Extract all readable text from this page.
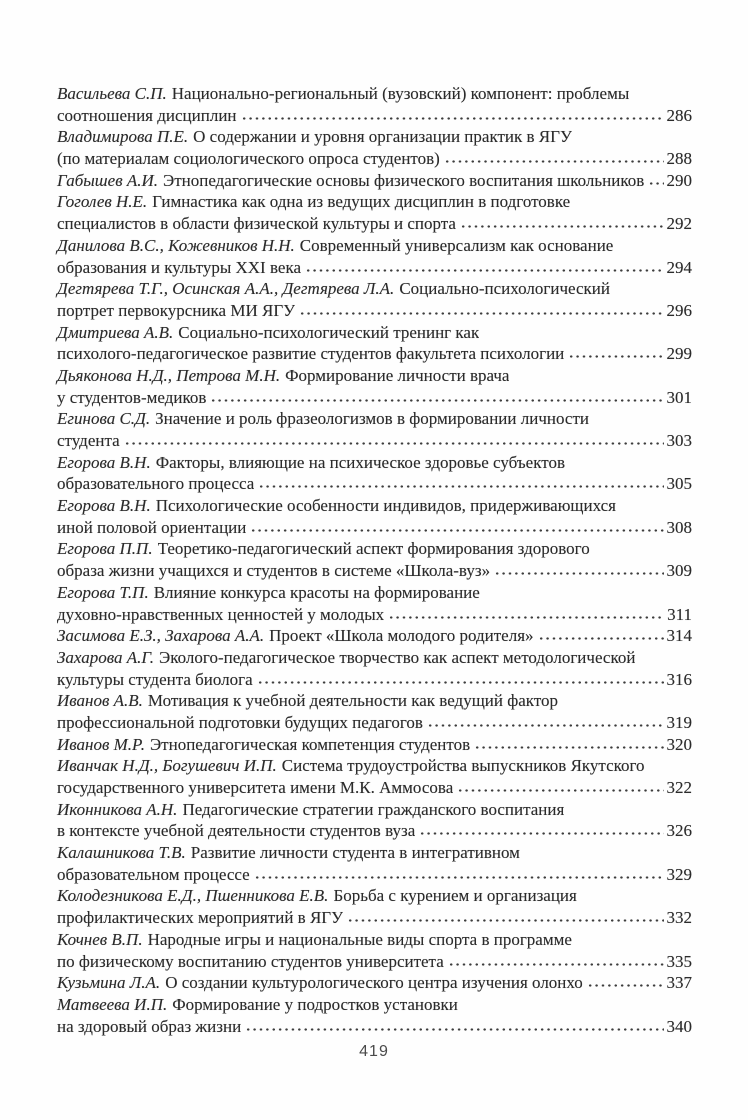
Васильева С.П. Национально-региональный (вузовский) компонент: проблемы
соотношения дисциплин	286
Владимирова П.Е. О содержании и уровня организации практик в ЯГУ
(по материалам социологического опроса студентов)	288
Габышев А.И. Этнопедагогические основы физического воспитания школьников 290
Гоголев Н.Е. Гимнастика как одна из ведущих дисциплин в подготовке
специалистов в области физической культуры и спорта	292
Данилова В.С., Кожевников Н.Н. Современный универсализм как основание
образования и культуры XXI века	294
Дегтярева Т.Г., Осинская А.А., Дегтярева Л.А. Социально-психологический
портрет первокурсника МИ ЯГУ	296
Дмитриева А.В. Социально-психологический тренинг как
психолого-педагогическое развитие студентов факультета психологии	299
Дьяконова Н.Д., Петрова М.Н. Формирование личности врача
у студентов-медиков	301
Егинова С.Д. Значение и роль фразеологизмов в формировании личности
студента	303
Егорова В.Н. Факторы, влияющие на психическое здоровье субъектов
образовательного процесса	305
Егорова В.Н. Психологические особенности индивидов, придерживающихся
иной половой ориентации	308
Егорова П.П. Теоретико-педагогический аспект формирования здорового
образа жизни учащихся и студентов в системе «Школа-вуз»	309
Егорова Т.П. Влияние конкурса красоты на формирование
духовно-нравственных ценностей у молодых	311
Засимова Е.З., Захарова А.А. Проект «Школа молодого родителя»	314
Захарова А.Г. Эколого-педагогическое творчество как аспект методологической
культуры студента биолога	316
Иванов А.В. Мотивация к учебной деятельности как ведущий фактор
профессиональной подготовки будущих педагогов	319
Иванов М.Р. Этнопедагогическая компетенция студентов	320
Иванчак Н.Д., Богушевич И.П. Система трудоустройства выпускников Якутского
государственного университета имени М.К. Аммосова	322
Иконникова А.Н. Педагогические стратегии гражданского воспитания
в контексте учебной деятельности студентов вуза	326
Калашникова Т.В. Развитие личности студента в интегративном
образовательном процессе	329
Колодезникова Е.Д., Пшенникова Е.В. Борьба с курением и организация
профилактических мероприятий в ЯГУ	332
Кочнев В.П. Народные игры и национальные виды спорта в программе
по физическому воспитанию студентов университета	335
Кузьмина Л.А. О создании культурологического центра изучения олонхо	337
Матвеева И.П. Формирование у подростков установки
на здоровый образ жизни	340
419
